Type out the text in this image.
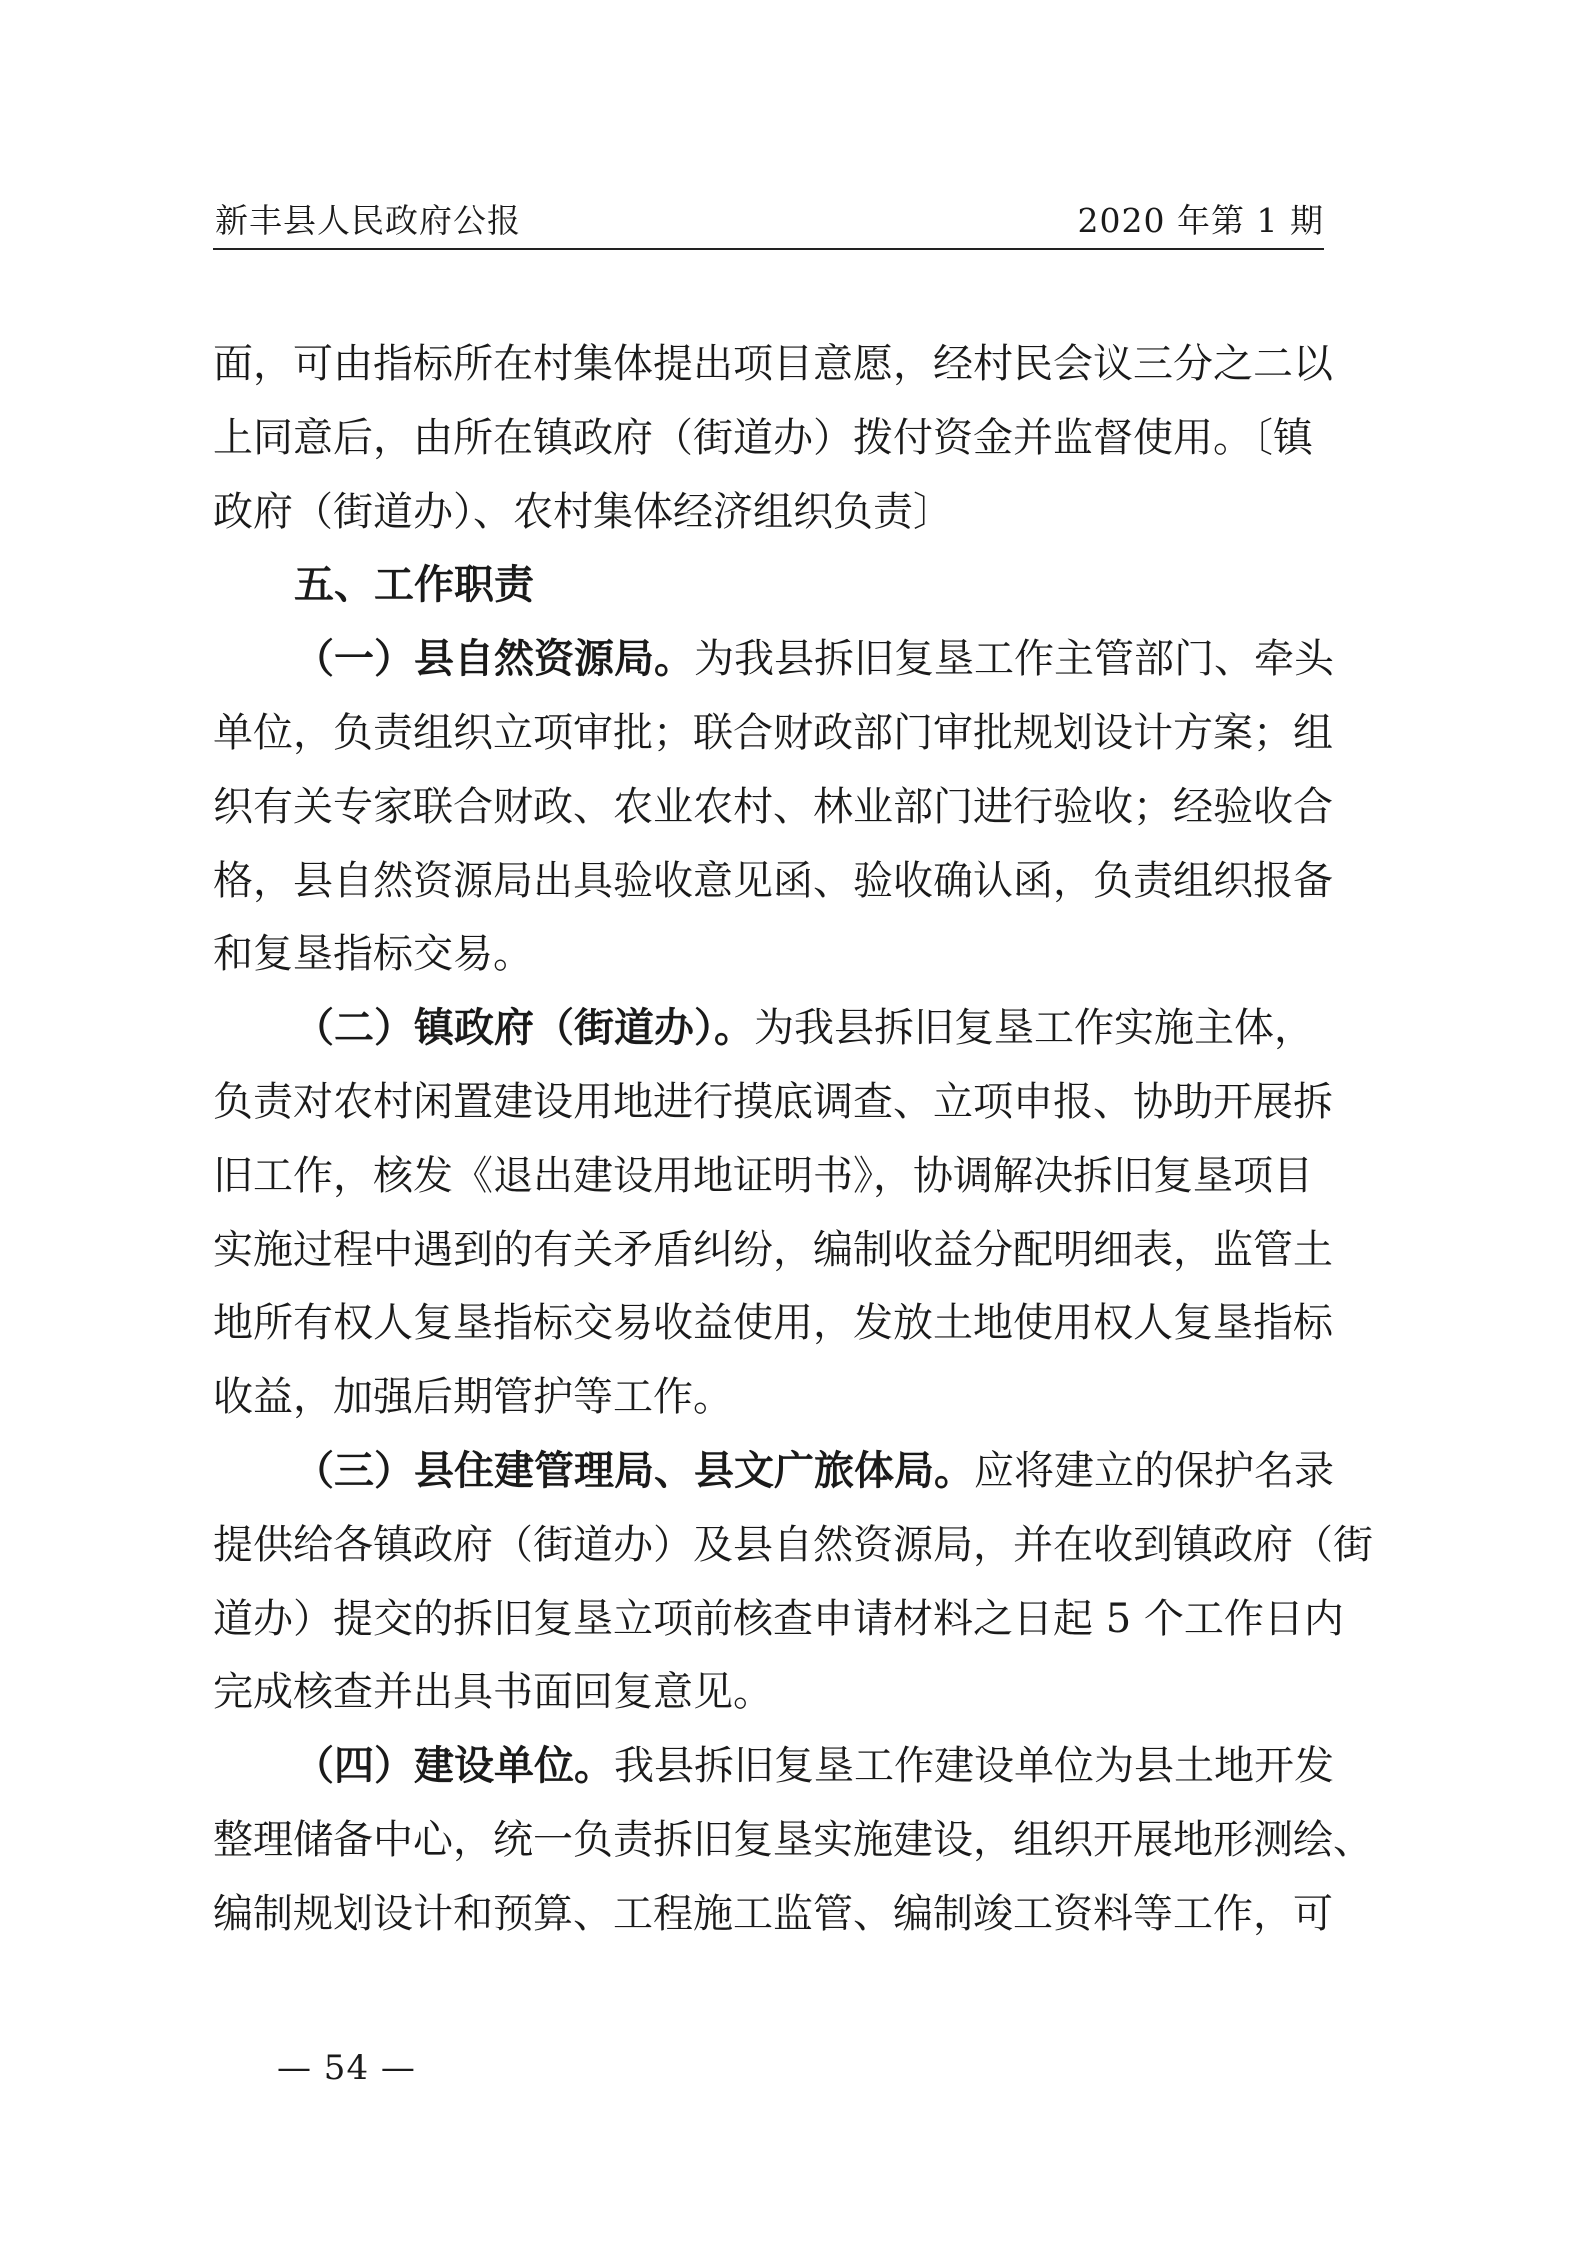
新丰县人民政府公报	2020 年第 1 期
面，可由指标所在村集体提出项目意愿，经村民会议三分之二以
上同意后，由所在镇政府（街道办）拨付资金并监督使用。〔镇
政府（街道办）、农村集体经济组织负责〕
五、工作职责
（一）县自然资源局。为我县拆旧复垦工作主管部门、牵头
单位，负责组织立项审批；联合财政部门审批规划设计方案；组
织有关专家联合财政、农业农村、林业部门进行验收；经验收合
格，县自然资源局出具验收意见函、验收确认函，负责组织报备
和复垦指标交易。
（二）镇政府（街道办）。为我县拆旧复垦工作实施主体，
负责对农村闲置建设用地进行摸底调查、立项申报、协助开展拆
旧工作，核发《退出建设用地证明书》，协调解决拆旧复垦项目
实施过程中遇到的有关矛盾纠纷，编制收益分配明细表，监管土
地所有权人复垦指标交易收益使用，发放土地使用权人复垦指标
收益，加强后期管护等工作。
（三）县住建管理局、县文广旅体局。应将建立的保护名录
提供给各镇政府（街道办）及县自然资源局，并在收到镇政府（街
道办）提交的拆旧复垦立项前核查申请材料之日起 5 个工作日内
完成核查并出具书面回复意见。
（四）建设单位。我县拆旧复垦工作建设单位为县土地开发
整理储备中心，统一负责拆旧复垦实施建设，组织开展地形测绘、
编制规划设计和预算、工程施工监管、编制竣工资料等工作，可
— 54 —
